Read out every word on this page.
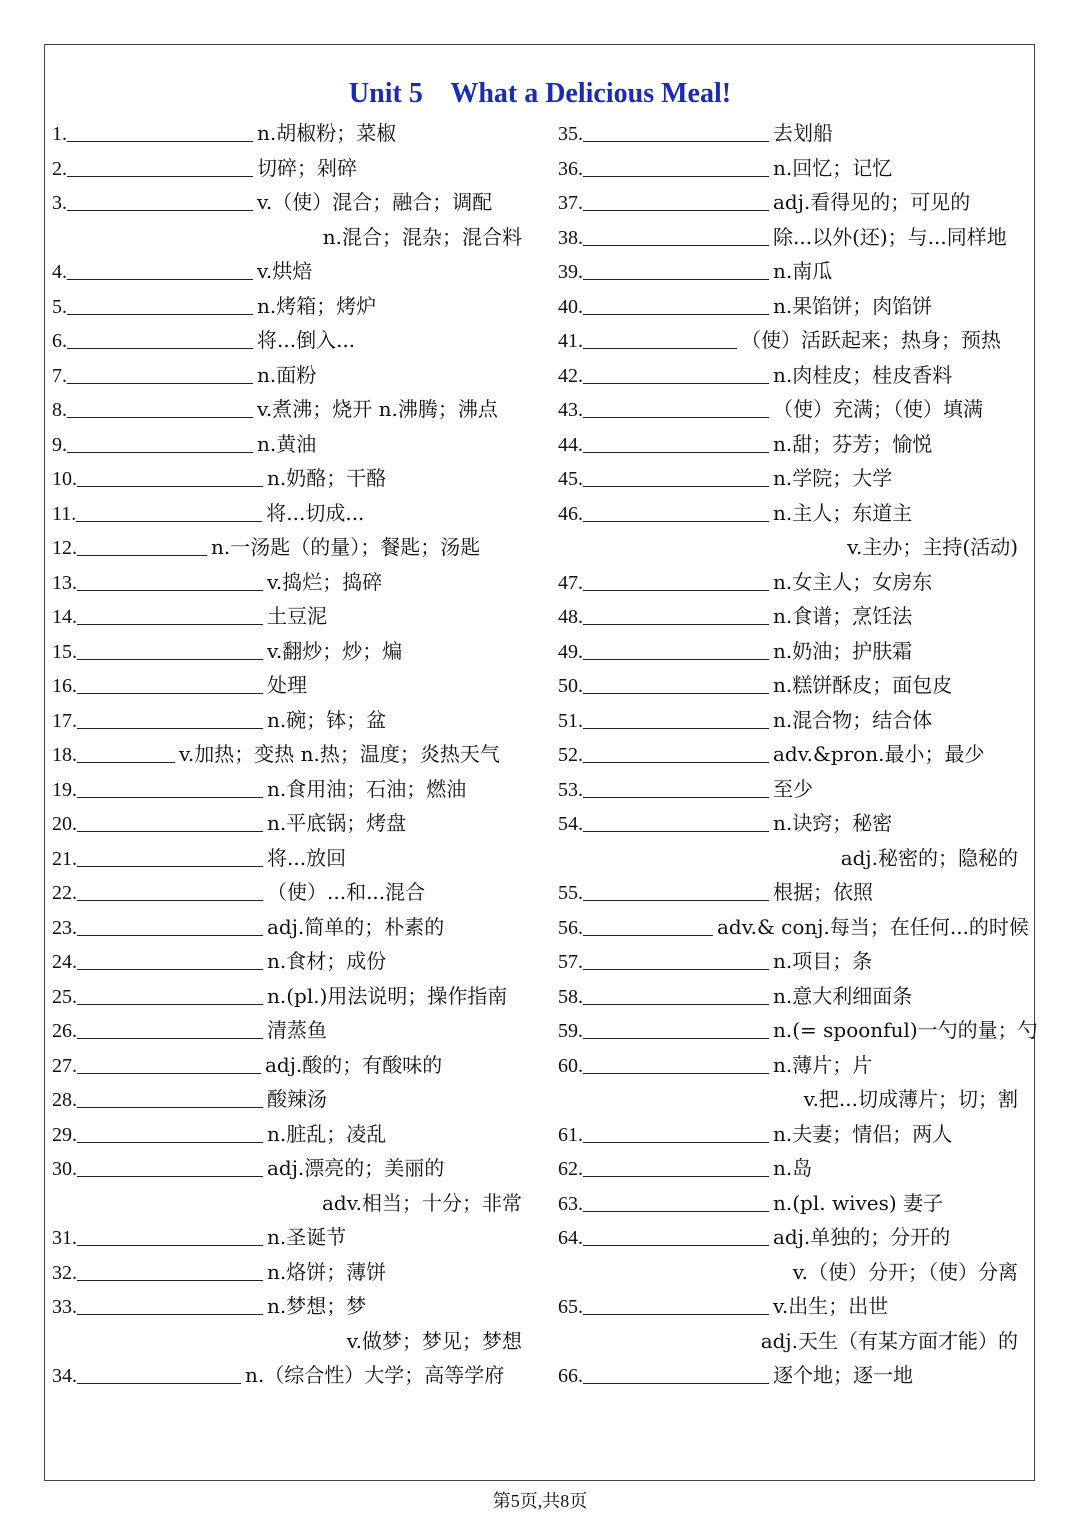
Unit 5    What a Delicious Meal!
1.	n.胡椒粉；菜椒
2.	切碎；剁碎
3.	v.（使）混合；融合；调配
n.混合；混杂；混合料
4.	v.烘焙
5.	n.烤箱；烤炉
6.	将...倒入...
7.	n.面粉
8.	v.煮沸；烧开 n.沸腾；沸点
9.	n.黄油
10.	n.奶酪；干酪
11.	将...切成...
12.	n.一汤匙（的量）；餐匙；汤匙
13.	v.捣烂；捣碎
14.	土豆泥
15.	v.翻炒；炒；煸
16.	处理
17.	n.碗；钵；盆
18.	v.加热；变热 n.热；温度；炎热天气
19.	n.食用油；石油；燃油
20.	n.平底锅；烤盘
21.	将...放回
22.	（使）...和...混合
23.	adj.简单的；朴素的
24.	n.食材；成份
25.	n.(pl.)用法说明；操作指南
26.	清蒸鱼
27.	adj.酸的；有酸味的
28.	酸辣汤
29.	n.脏乱；凌乱
30.	adj.漂亮的；美丽的
adv.相当；十分；非常
31.	n.圣诞节
32.	n.烙饼；薄饼
33.	n.梦想；梦
v.做梦；梦见；梦想
34.	n.（综合性）大学；高等学府
35.	去划船
36.	n.回忆；记忆
37.	adj.看得见的；可见的
38.	除...以外(还)；与...同样地
39.	n.南瓜
40.	n.果馅饼；肉馅饼
41.	（使）活跃起来；热身；预热
42.	n.肉桂皮；桂皮香料
43.	（使）充满；（使）填满
44.	n.甜；芬芳；愉悦
45.	n.学院；大学
46.	n.主人；东道主
v.主办；主持(活动)
47.	n.女主人；女房东
48.	n.食谱；烹饪法
49.	n.奶油；护肤霜
50.	n.糕饼酥皮；面包皮
51.	n.混合物；结合体
52.	adv.&pron.最小；最少
53.	至少
54.	n.诀窍；秘密
adj.秘密的；隐秘的
55.	根据；依照
56.	adv.& conj.每当；在任何...的时候
57.	n.项目；条
58.	n.意大利细面条
59.	n.(= spoonful)一勺的量；勺
60.	n.薄片；片
v.把...切成薄片；切；割
61.	n.夫妻；情侣；两人
62.	n.岛
63.	n.(pl. wives) 妻子
64.	adj.单独的；分开的
v.（使）分开；（使）分离
65.	v.出生；出世
adj.天生（有某方面才能）的
66.	逐个地；逐一地
第5页,共8页
